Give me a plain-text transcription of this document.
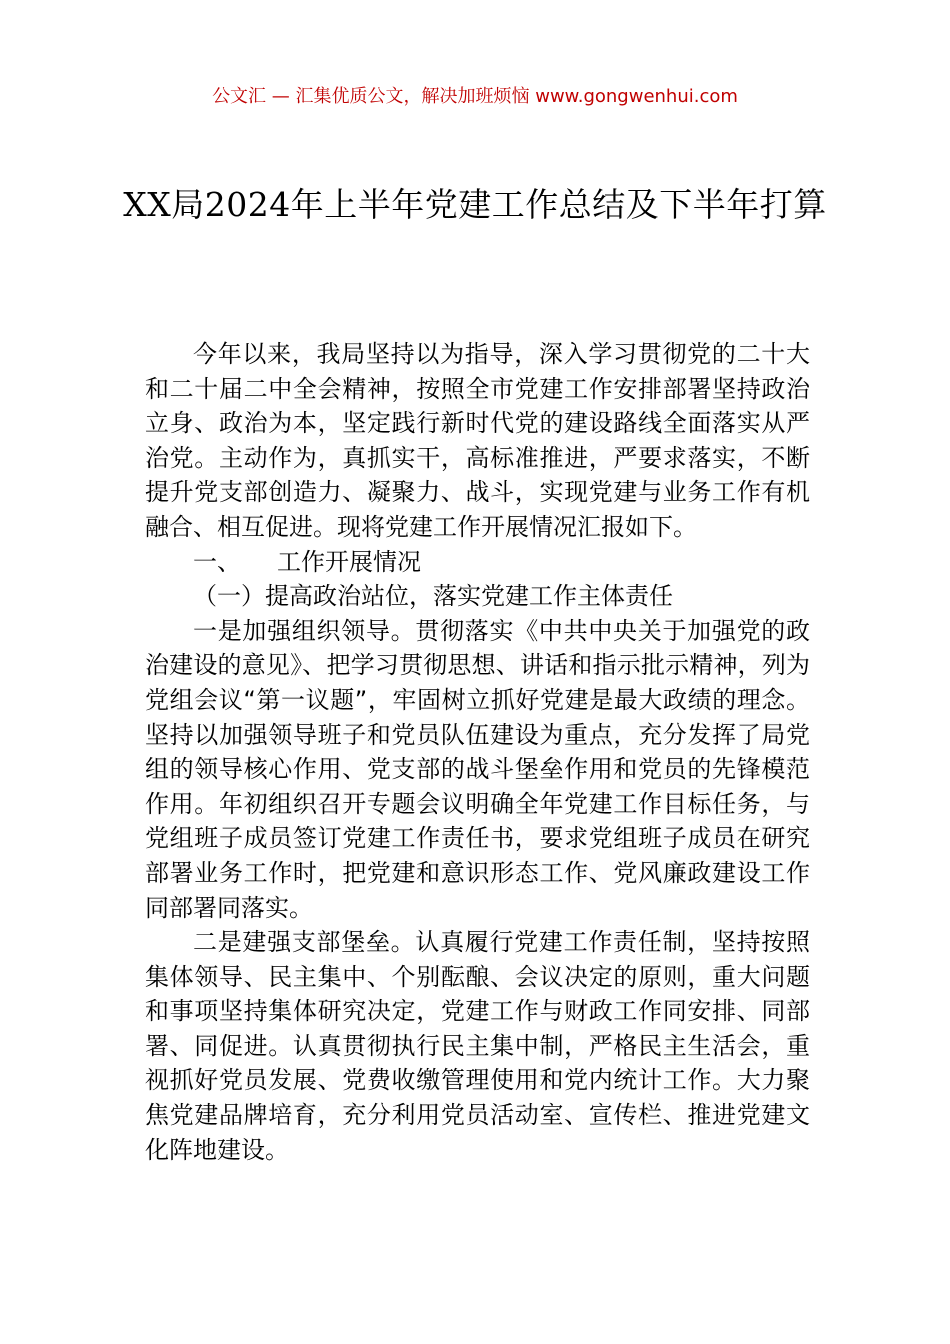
公文汇 — 汇集优质公文，解决加班烦恼 www.gongwenhui.com
XX局2024年上半年党建工作总结及下半年打算

今年以来，我局坚持以为指导，深入学习贯彻党的二十大和二十届二中全会精神，按照全市党建工作安排部署坚持政治立身、政治为本，坚定践行新时代党的建设路线全面落实从严治党。主动作为，真抓实干，高标准推进，严要求落实，不断提升党支部创造力、凝聚力、战斗，实现党建与业务工作有机融合、相互促进。现将党建工作开展情况汇报如下。

一、 工作开展情况

（一）提高政治站位，落实党建工作主体责任

一是加强组织领导。贯彻落实《中共中央关于加强党的政治建设的意见》、把学习贯彻思想、讲话和指示批示精神，列为党组会议“第一议题”，牢固树立抓好党建是最大政绩的理念。坚持以加强领导班子和党员队伍建设为重点，充分发挥了局党组的领导核心作用、党支部的战斗堡垒作用和党员的先锋模范作用。年初组织召开专题会议明确全年党建工作目标任务，与党组班子成员签订党建工作责任书，要求党组班子成员在研究部署业务工作时，把党建和意识形态工作、党风廉政建设工作同部署同落实。

二是建强支部堡垒。认真履行党建工作责任制，坚持按照集体领导、民主集中、个别酝酿、会议决定的原则，重大问题和事项坚持集体研究决定，党建工作与财政工作同安排、同部署、同促进。认真贯彻执行民主集中制，严格民主生活会，重视抓好党员发展、党费收缴管理使用和党内统计工作。大力聚焦党建品牌培育，充分利用党员活动室、宣传栏、推进党建文化阵地建设。
